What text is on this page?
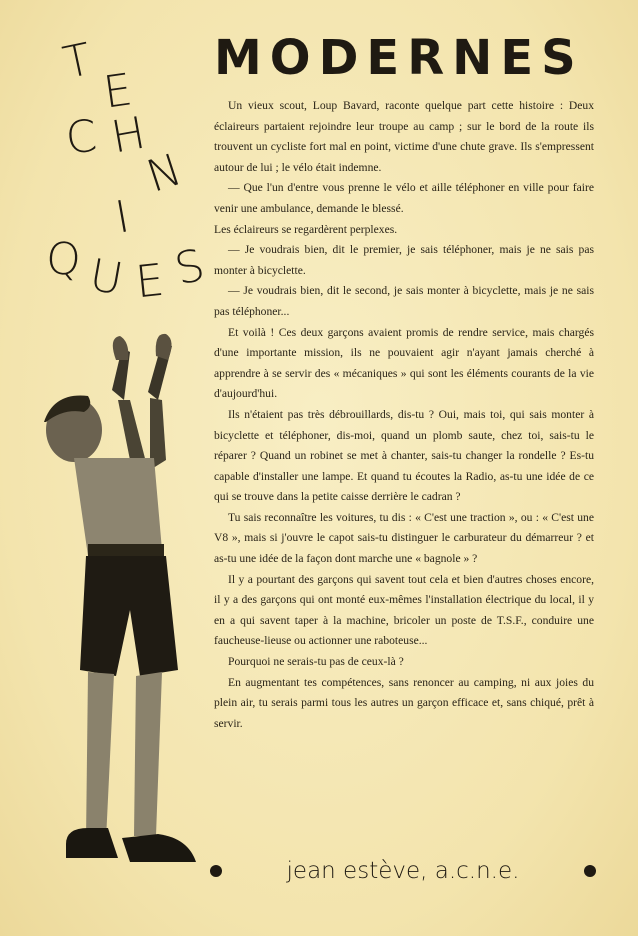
MODERNES
T
E
C H
N
I
Q U E S

Un vieux scout, Loup Bavard, raconte quelque part cette histoire : Deux éclaireurs partaient rejoindre leur troupe au camp ; sur le bord de la route ils trouvent un cycliste fort mal en point, victime d'une chute grave. Ils s'empressent autour de lui ; le vélo était indemne.

— Que l'un d'entre vous prenne le vélo et aille téléphoner en ville pour faire venir une ambulance, demande le blessé.

Les éclaireurs se regardèrent perplexes.

— Je voudrais bien, dit le premier, je sais téléphoner, mais je ne sais pas monter à bicyclette.

— Je voudrais bien, dit le second, je sais monter à bicyclette, mais je ne sais pas téléphoner...

Et voilà ! Ces deux garçons avaient promis de rendre service, mais chargés d'une importante mission, ils ne pouvaient agir n'ayant jamais cherché à apprendre à se servir des « mécaniques » qui sont les éléments courants de la vie d'aujourd'hui.

Ils n'étaient pas très débrouillards, dis-tu ? Oui, mais toi, qui sais monter à bicyclette et téléphoner, dis-moi, quand un plomb saute, chez toi, sais-tu le réparer ? Quand un robinet se met à chanter, sais-tu changer la rondelle ? Es-tu capable d'installer une lampe. Et quand tu écoutes la Radio, as-tu une idée de ce qui se trouve dans la petite caisse derrière le cadran ?

Tu sais reconnaître les voitures, tu dis : « C'est une traction », ou : « C'est une V8 », mais si j'ouvre le capot sais-tu distinguer le carburateur du démarreur ? et as-tu une idée de la façon dont marche une « bagnole » ?

Il y a pourtant des garçons qui savent tout cela et bien d'autres choses encore, il y a des garçons qui ont monté eux-mêmes l'installation électrique du local, il y en a qui savent taper à la machine, bricoler un poste de T.S.F., conduire une faucheuse-lieuse ou actionner une raboteuse...

Pourquoi ne serais-tu pas de ceux-là ?

En augmentant tes compétences, sans renoncer au camping, ni aux joies du plein air, tu serais parmi tous les autres un garçon efficace et, sans chiqué, prêt à servir.

jean estève, a.c.n.e.
